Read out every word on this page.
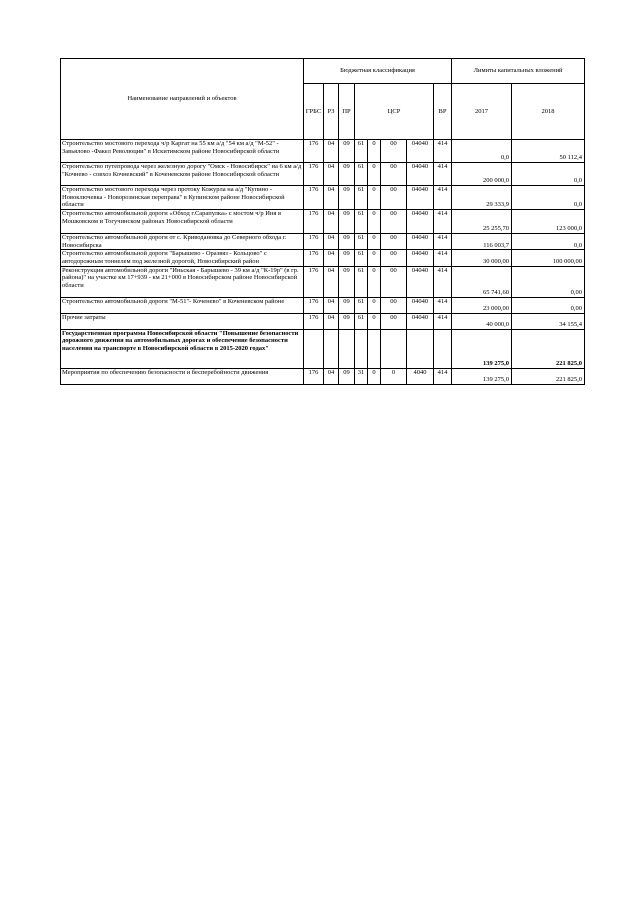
Наименование направлений и объектов	Бюджетная классификация								Лимиты капитальных вложений	
	ГРБС	РЗ	ПР	ЦСР				ВР	2017	2018
Строительство мостового перехода ч/р Каргат на 55 км а/д "54 км а/д "М-52" - Завьялово -Факел Революции" в Искитимском районе Новосибирской области	176	04	09	61	0	00	04040	414	0,0	50 112,4
Строительство путепровода через железную дорогу "Омск - Новосибирск" на 6 км а/д "Кочнево - совхоз Кочневский" в Коченевском районе Новосибирской области	176	04	09	61	0	00	04040	414	200 000,0	0,0
Строительство мостового перехода через протоку Кожурла на а/д "Купино - Новоключевка - Новорозинская переправа" в Купинском районе Новосибирской области	176	04	09	61	0	00	04040	414	29 333,9	0,0
Строительство автомобильной дороги «Обход г.Сарапулка» с мостом ч/р Иня в Мошковском и Тогучинском районах Новосибирской области	176	04	09	61	0	00	04040	414	25 255,70	123 000,0
Строительство автомобильной дороги от с. Криводановка до Северного обхода г. Новосибирска	176	04	09	61	0	00	04040	414	116 003,7	0,0
Строительство автомобильной дороги "Барышево - Оразвяз - Кольцово" с автодорожным тоннелем под железной дорогой, Новосибирский район	176	04	09	61	0	00	04040	414	30 000,00	100 000,00
Реконструкция автомобильной дороги "Иньская - Барышево - 39 км а/д "К-19р" (в гр. района)" на участке км 17+939 - км 21+000 в Новосибирском районе Новосибирской области	176	04	09	61	0	00	04040	414	65 741,60	0,00
Строительство автомобильной дороги "М-51"- Коченево" в Коченевском районе	176	04	09	61	0	00	04040	414	23 000,00	0,00
Прочие затраты	176	04	09	61	0	00	04040	414	40 000,0	34 155,4
Государственная программа Новосибирской области "Повышение безопасности дорожного движения на автомобильных дорогах и обеспечение безопасности населения на транспорте в Новосибирской области в 2015-2020 годах"									139 275,0	221 825,0
Мероприятия по обеспечению безопасности и бесперебойности движения	176	04	09	31	0	0	4040	414	139 275,0	221 825,0
